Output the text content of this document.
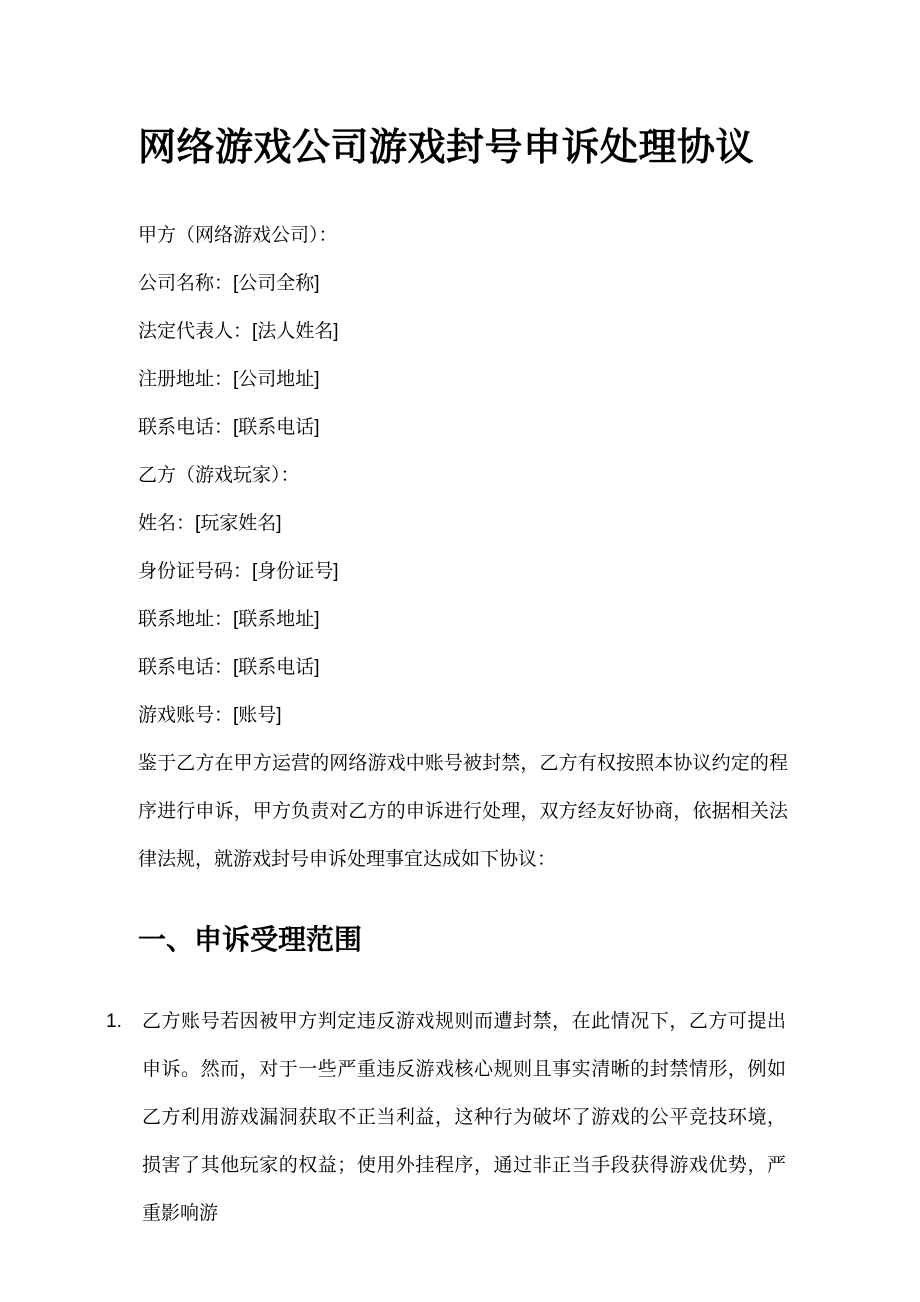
网络游戏公司游戏封号申诉处理协议

甲方（网络游戏公司）：

公司名称：[公司全称]

法定代表人：[法人姓名]

注册地址：[公司地址]

联系电话：[联系电话]

乙方（游戏玩家）：

姓名：[玩家姓名]

身份证号码：[身份证号]

联系地址：[联系地址]

联系电话：[联系电话]

游戏账号：[账号]

鉴于乙方在甲方运营的网络游戏中账号被封禁，乙方有权按照本协议约定的程序进行申诉，甲方负责对乙方的申诉进行处理，双方经友好协商，依据相关法律法规，就游戏封号申诉处理事宜达成如下协议：

一、申诉受理范围
1. 乙方账号若因被甲方判定违反游戏规则而遭封禁，在此情况下，乙方可提出申诉。然而，对于一些严重违反游戏核心规则且事实清晰的封禁情形，例如乙方利用游戏漏洞获取不正当利益，这种行为破坏了游戏的公平竞技环境，损害了其他玩家的权益；使用外挂程序，通过非正当手段获得游戏优势，严重影响游
